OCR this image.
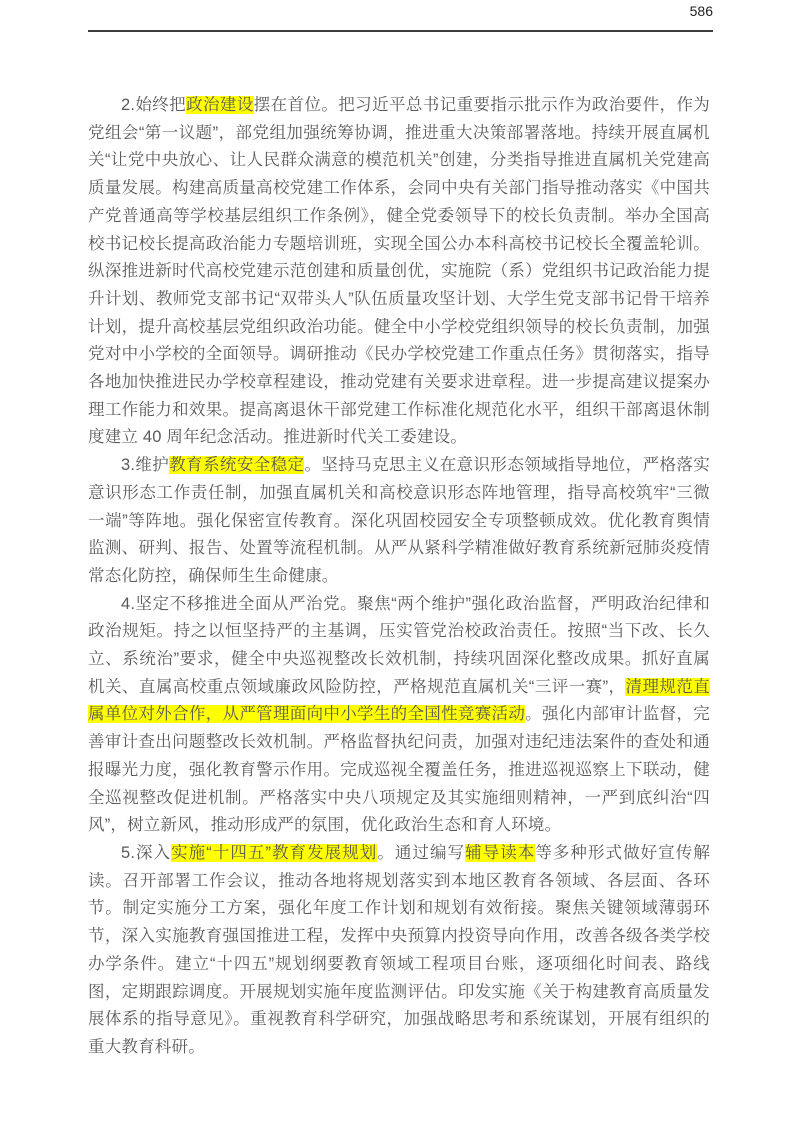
586

2.始终把政治建设摆在首位。把习近平总书记重要指示批示作为政治要件，作为党组会“第一议题”，部党组加强统筹协调，推进重大决策部署落地。持续开展直属机关“让党中央放心、让人民群众满意的模范机关”创建，分类指导推进直属机关党建高质量发展。构建高质量高校党建工作体系，会同中央有关部门指导推动落实《中国共产党普通高等学校基层组织工作条例》，健全党委领导下的校长负责制。举办全国高校书记校长提高政治能力专题培训班，实现全国公办本科高校书记校长全覆盖轮训。纵深推进新时代高校党建示范创建和质量创优，实施院（系）党组织书记政治能力提升计划、教师党支部书记“双带头人”队伍质量攻坚计划、大学生党支部书记骨干培养计划，提升高校基层党组织政治功能。健全中小学校党组织领导的校长负责制，加强党对中小学校的全面领导。调研推动《民办学校党建工作重点任务》贯彻落实，指导各地加快推进民办学校章程建设，推动党建有关要求进章程。进一步提高建议提案办理工作能力和效果。提高离退休干部党建工作标准化规范化水平，组织干部离退休制度建立 40 周年纪念活动。推进新时代关工委建设。

3.维护教育系统安全稳定。坚持马克思主义在意识形态领域指导地位，严格落实意识形态工作责任制，加强直属机关和高校意识形态阵地管理，指导高校筑牢“三微一端”等阵地。强化保密宣传教育。深化巩固校园安全专项整顿成效。优化教育舆情监测、研判、报告、处置等流程机制。从严从紧科学精准做好教育系统新冠肺炎疫情常态化防控，确保师生生命健康。

4.坚定不移推进全面从严治党。聚焦“两个维护”强化政治监督，严明政治纪律和政治规矩。持之以恒坚持严的主基调，压实管党治校政治责任。按照“当下改、长久立、系统治”要求，健全中央巡视整改长效机制，持续巩固深化整改成果。抓好直属机关、直属高校重点领域廉政风险防控，严格规范直属机关“三评一赛”，清理规范直属单位对外合作，从严管理面向中小学生的全国性竞赛活动。强化内部审计监督，完善审计查出问题整改长效机制。严格监督执纪问责，加强对违纪违法案件的查处和通报曝光力度，强化教育警示作用。完成巡视全覆盖任务，推进巡视巡察上下联动，健全巡视整改促进机制。严格落实中央八项规定及其实施细则精神，一严到底纠治“四风”，树立新风，推动形成严的氛围，优化政治生态和育人环境。

5.深入实施“十四五”教育发展规划。通过编写辅导读本等多种形式做好宣传解读。召开部署工作会议，推动各地将规划落实到本地区教育各领域、各层面、各环节。制定实施分工方案，强化年度工作计划和规划有效衔接。聚焦关键领域薄弱环节，深入实施教育强国推进工程，发挥中央预算内投资导向作用，改善各级各类学校办学条件。建立“十四五”规划纲要教育领域工程项目台账，逐项细化时间表、路线图，定期跟踪调度。开展规划实施年度监测评估。印发实施《关于构建教育高质量发展体系的指导意见》。重视教育科学研究，加强战略思考和系统谋划，开展有组织的重大教育科研。
